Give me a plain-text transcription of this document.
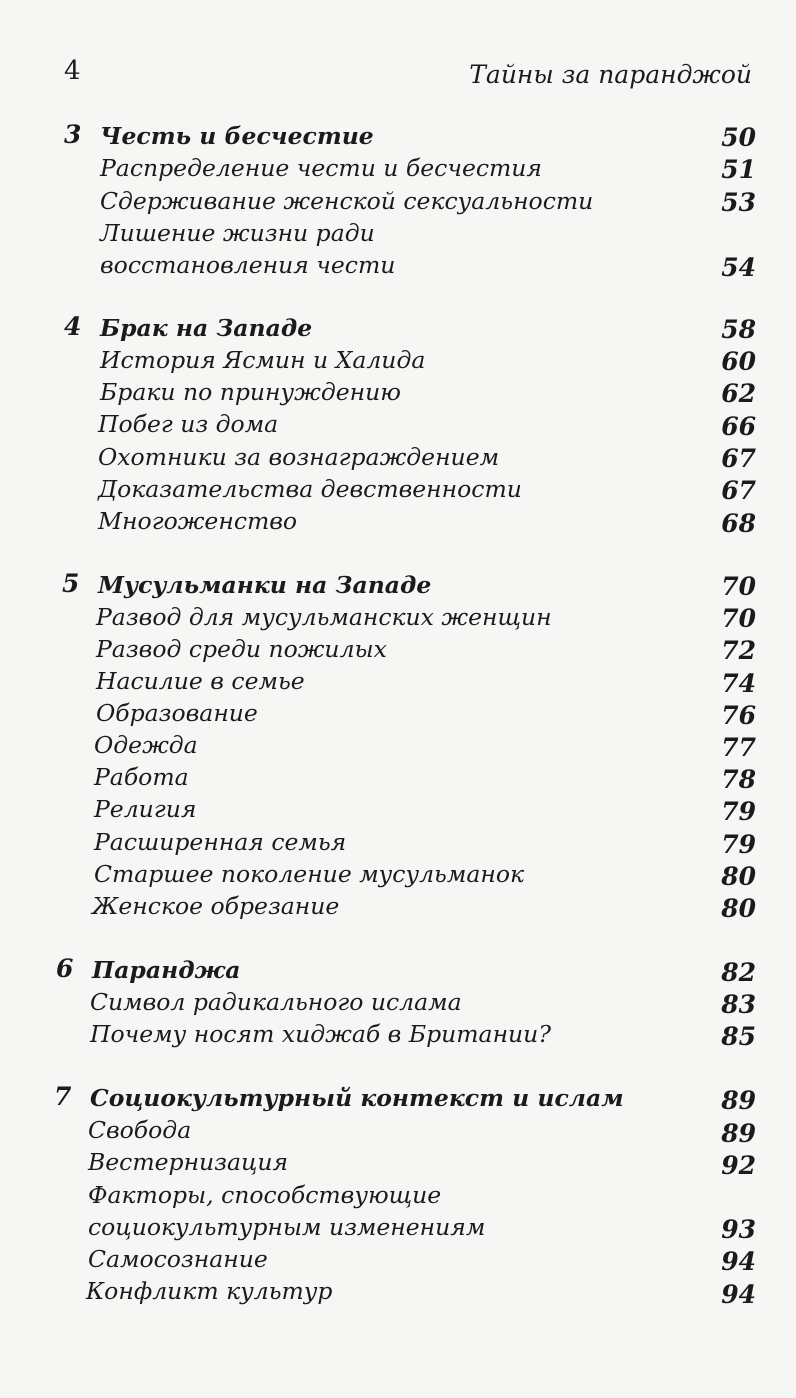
4	Тайны за паранджой
3 Честь и бесчестие	50
Распределение чести и бесчестия	51
Сдерживание женской сексуальности	53
Лишение жизни ради
восстановления чести	54
4 Брак на Западе	58
История Ясмин и Халида	60
Браки по принуждению	62
Побег из дома	66
Охотники за вознаграждением	67
Доказательства девственности	67
Многоженство	68
5 Мусульманки на Западе	70
Развод для мусульманских женщин	70
Развод среди пожилых	72
Насилие в семье	74
Образование	76
Одежда	77
Работа	78
Религия	79
Расширенная семья	79
Старшее поколение мусульманок	80
Женское обрезание	80
6 Паранджа	82
Символ радикального ислама	83
Почему носят хиджаб в Британии?	85
7 Социокультурный контекст и ислам	89
Свобода	89
Вестернизация	92
Факторы, способствующие
социокультурным изменениям	93
Самосознание	94
Конфликт культур	94
